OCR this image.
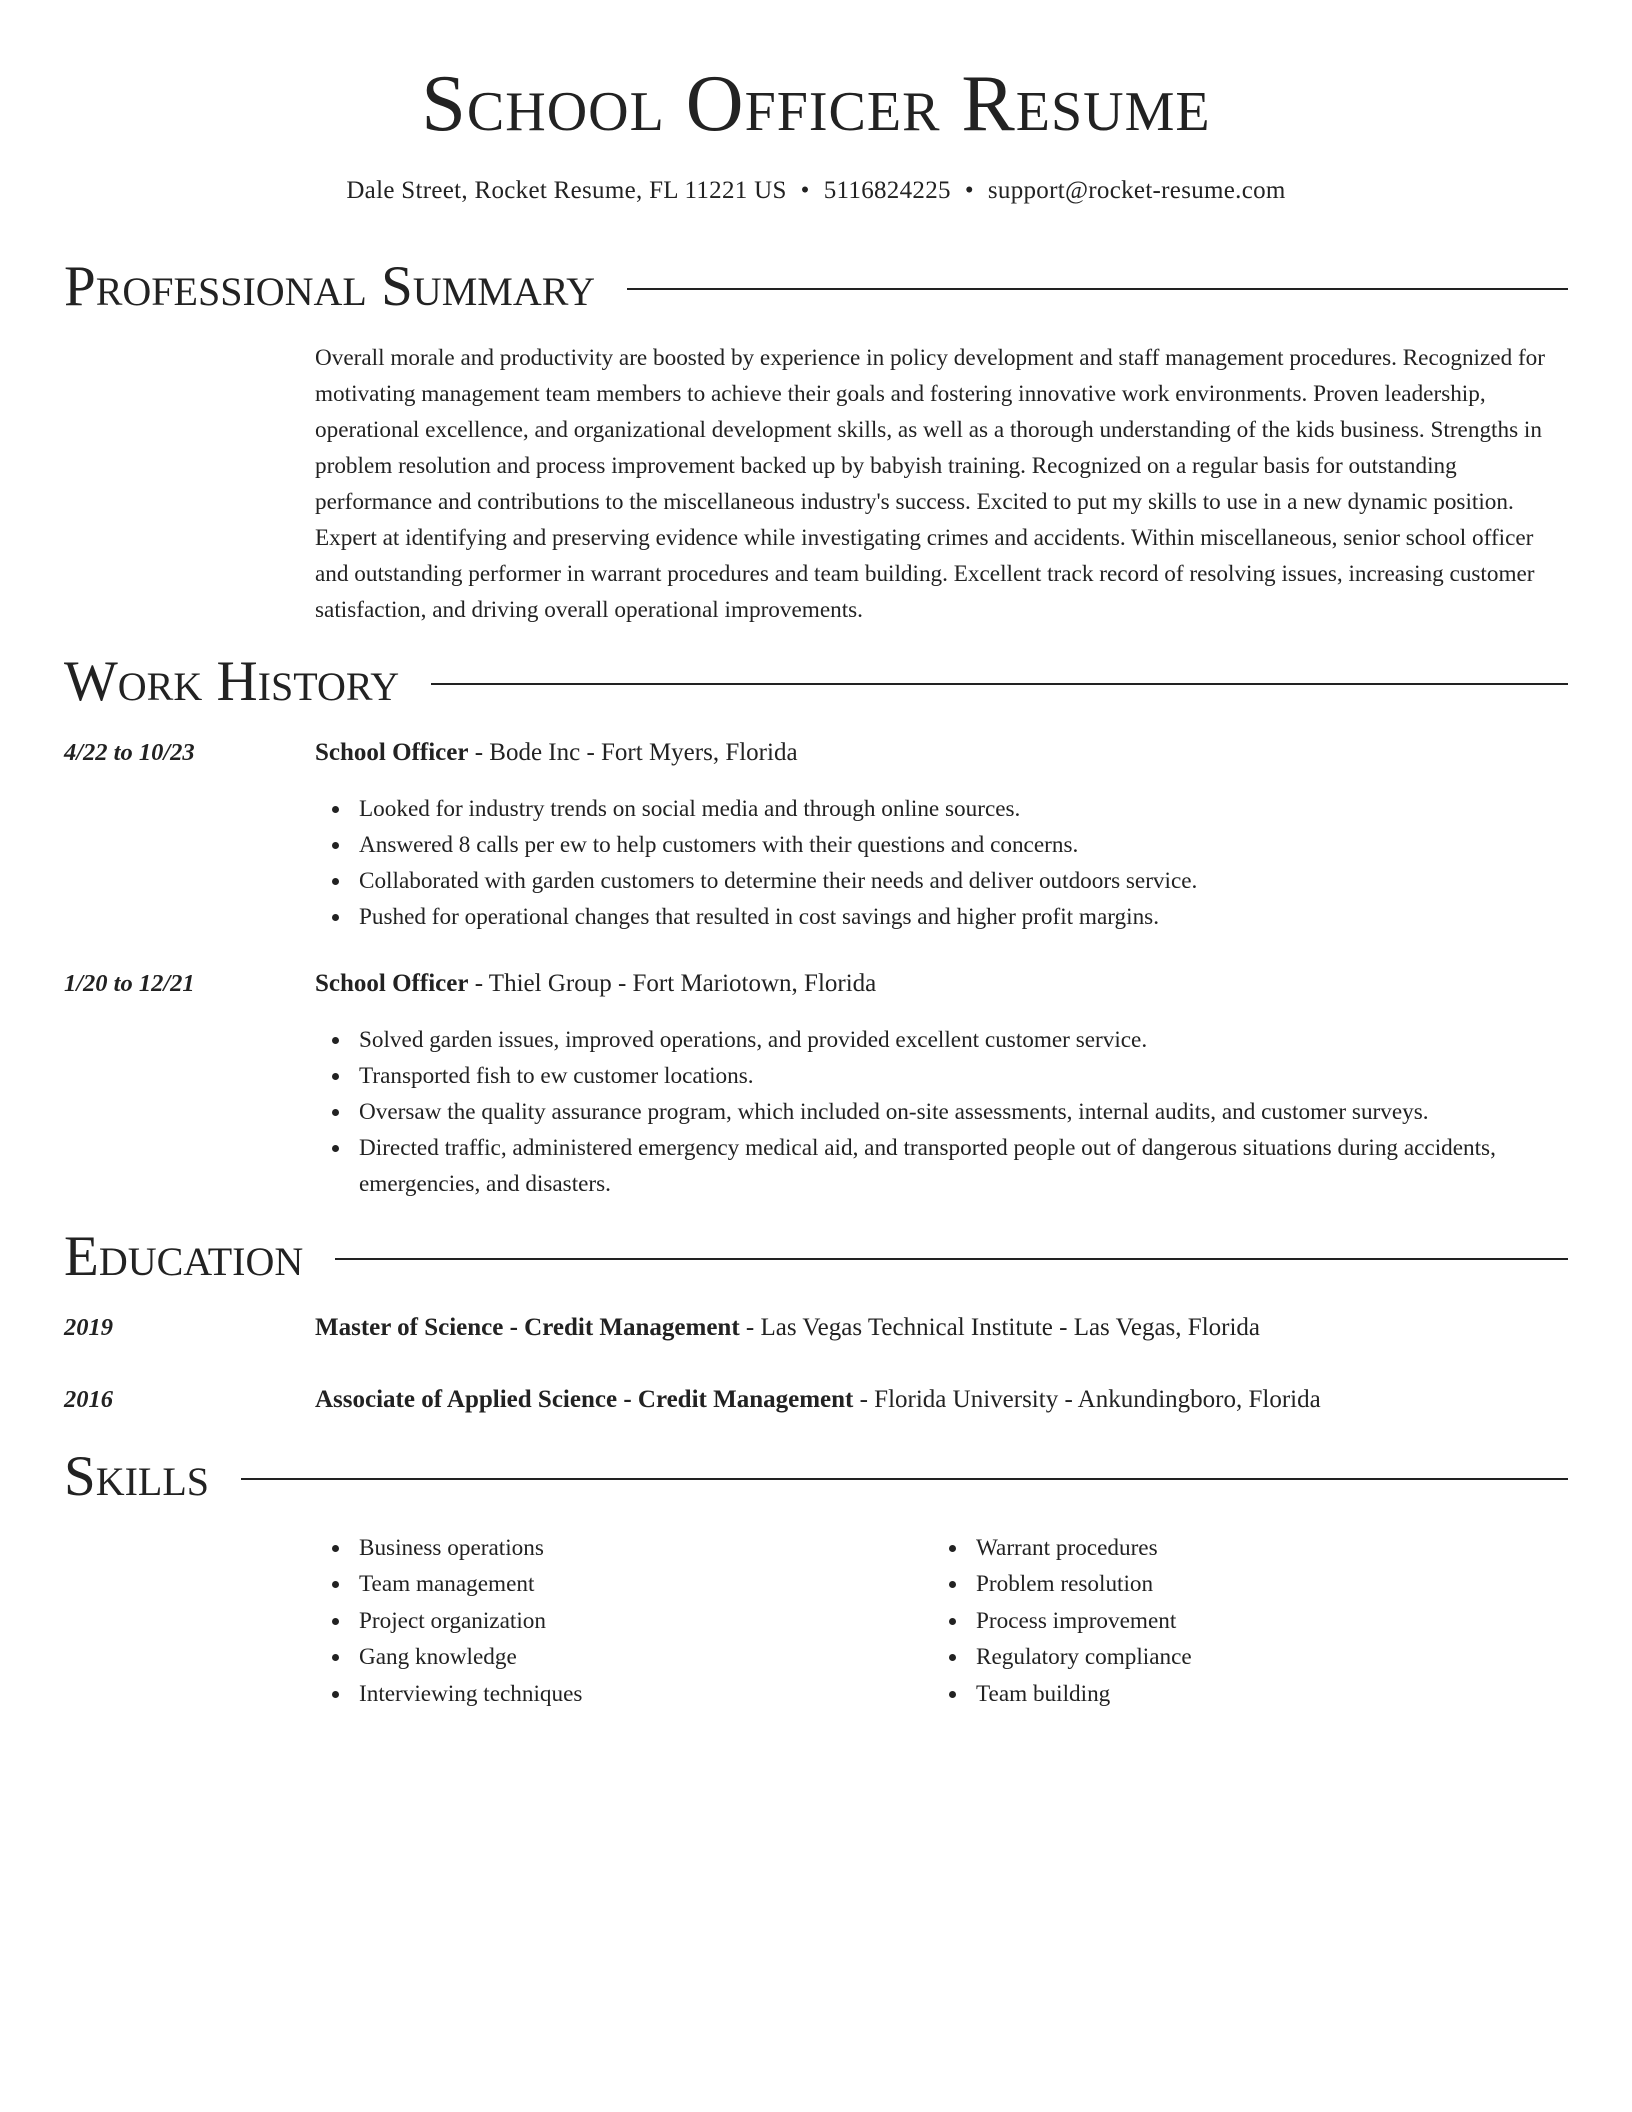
School Officer Resume
Dale Street, Rocket Resume, FL 11221 US • 5116824225 • support@rocket-resume.com
Professional Summary

Overall morale and productivity are boosted by experience in policy development and staff management procedures. Recognized for motivating management team members to achieve their goals and fostering innovative work environments. Proven leadership, operational excellence, and organizational development skills, as well as a thorough understanding of the kids business. Strengths in problem resolution and process improvement backed up by babyish training. Recognized on a regular basis for outstanding performance and contributions to the miscellaneous industry's success. Excited to put my skills to use in a new dynamic position. Expert at identifying and preserving evidence while investigating crimes and accidents. Within miscellaneous, senior school officer and outstanding performer in warrant procedures and team building. Excellent track record of resolving issues, increasing customer satisfaction, and driving overall operational improvements.

Work History
4/22 to 10/23	School Officer - Bode Inc - Fort Myers, Florida
Looked for industry trends on social media and through online sources.
Answered 8 calls per ew to help customers with their questions and concerns.
Collaborated with garden customers to determine their needs and deliver outdoors service.
Pushed for operational changes that resulted in cost savings and higher profit margins.
1/20 to 12/21	School Officer - Thiel Group - Fort Mariotown, Florida
Solved garden issues, improved operations, and provided excellent customer service.
Transported fish to ew customer locations.
Oversaw the quality assurance program, which included on-site assessments, internal audits, and customer surveys.
Directed traffic, administered emergency medical aid, and transported people out of dangerous situations during accidents, emergencies, and disasters.
Education
2019	Master of Science - Credit Management - Las Vegas Technical Institute - Las Vegas, Florida
2016	Associate of Applied Science - Credit Management - Florida University - Ankundingboro, Florida
Skills
Business operations
Team management
Project organization
Gang knowledge
Interviewing techniques
Warrant procedures
Problem resolution
Process improvement
Regulatory compliance
Team building
